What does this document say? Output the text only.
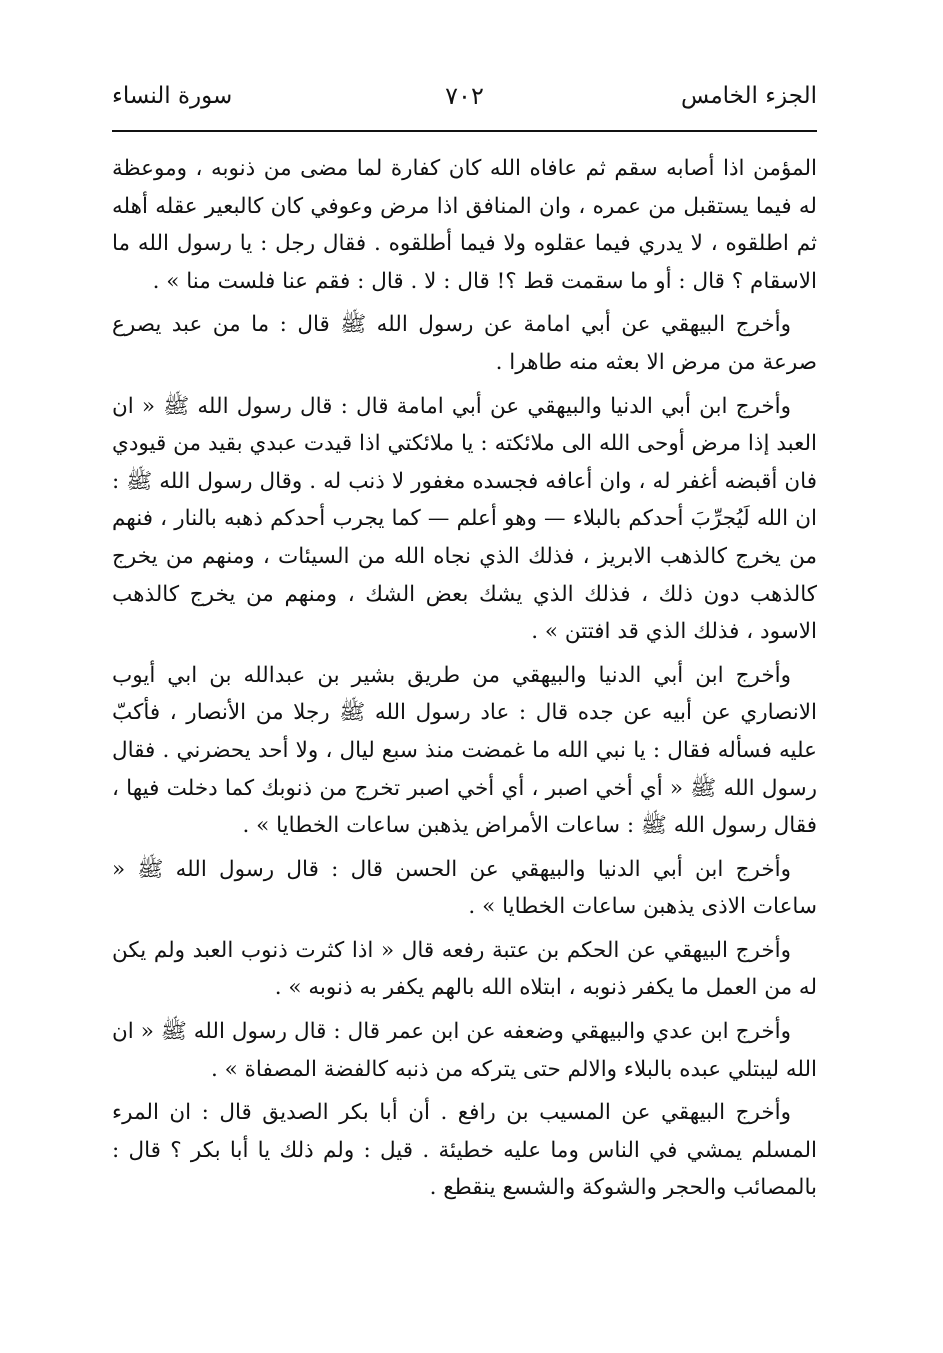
الجزء الخامس
٧٠٢
سورة النساء

المؤمن اذا أصابه سقم ثم عافاه الله كان كفارة لما مضى من ذنوبه ، وموعظة له فيما يستقبل من عمره ، وان المنافق اذا مرض وعوفي كان كالبعير عقله أهله ثم اطلقوه ، لا يدري فيما عقلوه ولا فيما أطلقوه . فقال رجل : يا رسول الله ما الاسقام ؟ قال : أو ما سقمت قط ؟! قال : لا . قال : فقم عنا فلست منا » .

وأخرج البيهقي عن أبي امامة عن رسول الله ﷺ قال : ما من عبد يصرع صرعة من مرض الا بعثه منه طاهرا .

وأخرج ابن أبي الدنيا والبيهقي عن أبي امامة قال : قال رسول الله ﷺ « ان العبد إذا مرض أوحى الله الى ملائكته : يا ملائكتي اذا قيدت عبدي بقيد من قيودي فان أقبضه أغفر له ، وان أعافه فجسده مغفور لا ذنب له . وقال رسول الله ﷺ : ان الله لَيُجرِّبَ أحدكم بالبلاء — وهو أعلم — كما يجرب أحدكم ذهبه بالنار ، فنهم من يخرج كالذهب الابريز ، فذلك الذي نجاه الله من السيئات ، ومنهم من يخرج كالذهب دون ذلك ، فذلك الذي يشك بعض الشك ، ومنهم من يخرج كالذهب الاسود ، فذلك الذي قد افتتن » .

وأخرج ابن أبي الدنيا والبيهقي من طريق بشير بن عبدالله بن ابي أيوب الانصاري عن أبيه عن جده قال : عاد رسول الله ﷺ رجلا من الأنصار ، فأكبّ عليه فسأله فقال : يا نبي الله ما غمضت منذ سبع ليال ، ولا أحد يحضرني . فقال رسول الله ﷺ « أي أخي اصبر ، أي أخي اصبر تخرج من ذنوبك كما دخلت فيها ، فقال رسول الله ﷺ : ساعات الأمراض يذهبن ساعات الخطايا » .

وأخرج ابن أبي الدنيا والبيهقي عن الحسن قال : قال رسول الله ﷺ « ساعات الاذى يذهبن ساعات الخطايا » .

وأخرج البيهقي عن الحكم بن عتبة رفعه قال « اذا كثرت ذنوب العبد ولم يكن له من العمل ما يكفر ذنوبه ، ابتلاه الله بالهم يكفر به ذنوبه » .

وأخرج ابن عدي والبيهقي وضعفه عن ابن عمر قال : قال رسول الله ﷺ « ان الله ليبتلي عبده بالبلاء والالم حتى يتركه من ذنبه كالفضة المصفاة » .

وأخرج البيهقي عن المسيب بن رافع . أن أبا بكر الصديق قال : ان المرء المسلم يمشي في الناس وما عليه خطيئة . قيل : ولم ذلك يا أبا بكر ؟ قال : بالمصائب والحجر والشوكة والشسع ينقطع .
